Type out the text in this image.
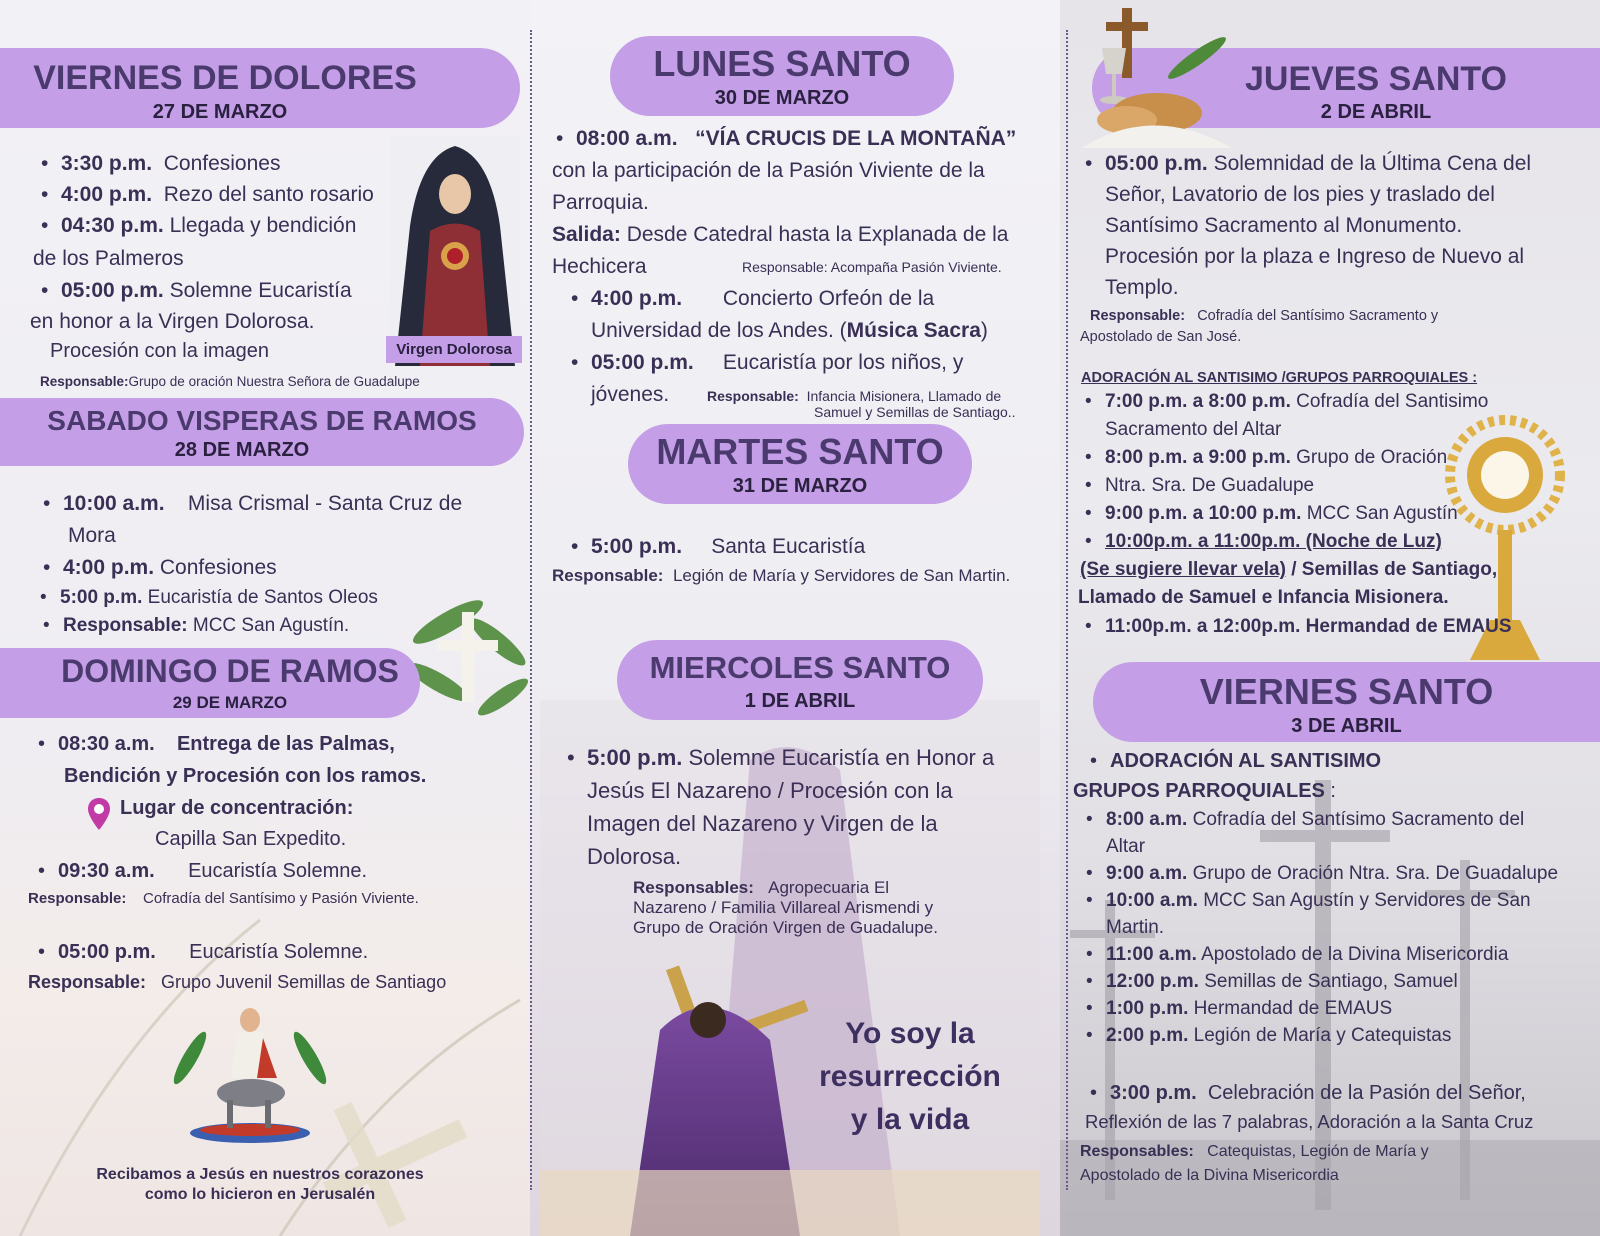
VIERNES DE DOLORES
27 DE MARZO
• 3:30 p.m. Confesiones
• 4:00 p.m. Rezo del santo rosario
• 04:30 p.m. Llegada y bendición
de los Palmeros
• 05:00 p.m. Solemne Eucaristía
en honor a la Virgen Dolorosa.
Procesión con la imagen
Responsable:Grupo de oración Nuestra Señora de Guadalupe
Virgen Dolorosa
SABADO VISPERAS DE RAMOS
28 DE MARZO
• 10:00 a.m. Misa Crismal - Santa Cruz de
Mora
• 4:00 p.m. Confesiones
• 5:00 p.m. Eucaristía de Santos Oleos
• Responsable: MCC San Agustín.
DOMINGO DE RAMOS
29 DE MARZO
• 08:30 a.m. Entrega de las Palmas,
Bendición y Procesión con los ramos.
Lugar de concentración:
Capilla San Expedito.
• 09:30 a.m. Eucaristía Solemne.
Responsable: Cofradía del Santísimo y Pasión Viviente.
• 05:00 p.m. Eucaristía Solemne.
Responsable: Grupo Juvenil Semillas de Santiago
Recibamos a Jesús en nuestros corazones
como lo hicieron en Jerusalén
LUNES SANTO
30 DE MARZO
• 08:00 a.m. “VÍA CRUCIS DE LA MONTAÑA”
con la participación de la Pasión Viviente de la
Parroquia.
Salida: Desde Catedral hasta la Explanada de la
Hechicera	Responsable: Acompaña Pasión Viviente.
• 4:00 p.m. Concierto Orfeón de la
Universidad de los Andes. (Música Sacra)
• 05:00 p.m. Eucaristía por los niños, y
jóvenes.	Responsable: Infancia Misionera, Llamado de
Samuel y Semillas de Santiago..
MARTES SANTO
31 DE MARZO
• 5:00 p.m. Santa Eucaristía
Responsable: Legión de María y Servidores de San Martin.
MIERCOLES SANTO
1 DE ABRIL
• 5:00 p.m. Solemne Eucaristía en Honor a
Jesús El Nazareno / Procesión con la
Imagen del Nazareno y Virgen de la
Dolorosa.
Responsables: Agropecuaria El
Nazareno / Familia Villareal Arismendi y
Grupo de Oración Virgen de Guadalupe.
Yo soy la
resurrección
y la vida
JUEVES SANTO
2 DE ABRIL
• 05:00 p.m. Solemnidad de la Última Cena del
Señor, Lavatorio de los pies y traslado del
Santísimo Sacramento al Monumento.
Procesión por la plaza e Ingreso de Nuevo al
Templo.
Responsable: Cofradía del Santísimo Sacramento y
Apostolado de San José.
ADORACIÓN AL SANTISIMO /GRUPOS PARROQUIALES :
• 7:00 p.m. a 8:00 p.m. Cofradía del Santisimo
Sacramento del Altar
• 8:00 p.m. a 9:00 p.m. Grupo de Oración
• Ntra. Sra. De Guadalupe
• 9:00 p.m. a 10:00 p.m. MCC San Agustín
• 10:00p.m. a 11:00p.m. (Noche de Luz)
(Se sugiere llevar vela) / Semillas de Santiago,
Llamado de Samuel e Infancia Misionera.
• 11:00p.m. a 12:00p.m. Hermandad de EMAUS
VIERNES SANTO
3 DE ABRIL
• ADORACIÓN AL SANTISIMO
GRUPOS PARROQUIALES :
• 8:00 a.m. Cofradía del Santísimo Sacramento del
Altar
• 9:00 a.m. Grupo de Oración Ntra. Sra. De Guadalupe
• 10:00 a.m. MCC San Agustín y Servidores de San
Martin.
• 11:00 a.m. Apostolado de la Divina Misericordia
• 12:00 p.m. Semillas de Santiago, Samuel
• 1:00 p.m. Hermandad de EMAUS
• 2:00 p.m. Legión de María y Catequistas
• 3:00 p.m. Celebración de la Pasión del Señor,
Reflexión de las 7 palabras, Adoración a la Santa Cruz
Responsables: Catequistas, Legión de María y
Apostolado de la Divina Misericordia
